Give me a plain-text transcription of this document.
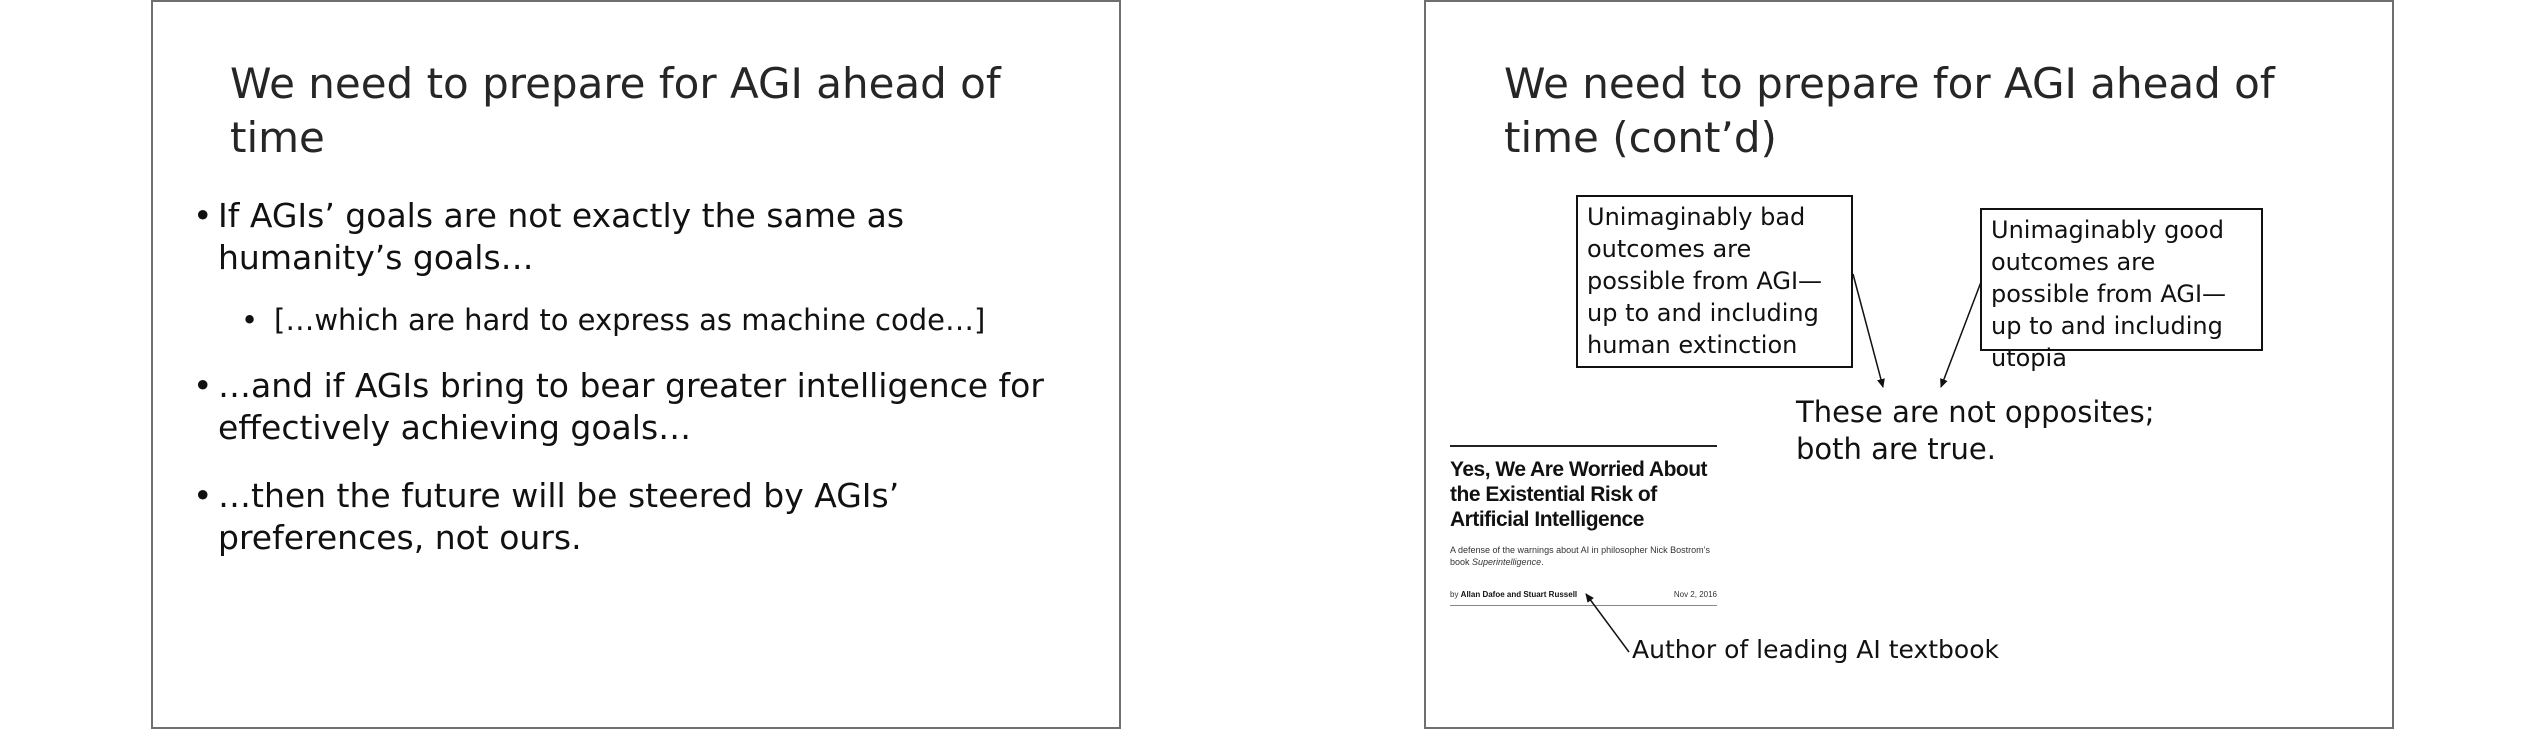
We need to prepare for AGI ahead of time
• If AGIs’ goals are not exactly the same as humanity’s goals…
• […which are hard to express as machine code…]
• …and if AGIs bring to bear greater intelligence for effectively achieving goals…
• …then the future will be steered by AGIs’ preferences, not ours.
We need to prepare for AGI ahead of time (cont’d)
Unimaginably bad outcomes are possible from AGI—up to and including human extinction
Unimaginably good outcomes are possible from AGI—up to and including utopia
These are not opposites; both are true.
Yes, We Are Worried About the Existential Risk of Artificial Intelligence
A defense of the warnings about AI in philosopher Nick Bostrom’s book Superintelligence.
by Allan Dafoe and Stuart Russell	Nov 2, 2016
Author of leading AI textbook
